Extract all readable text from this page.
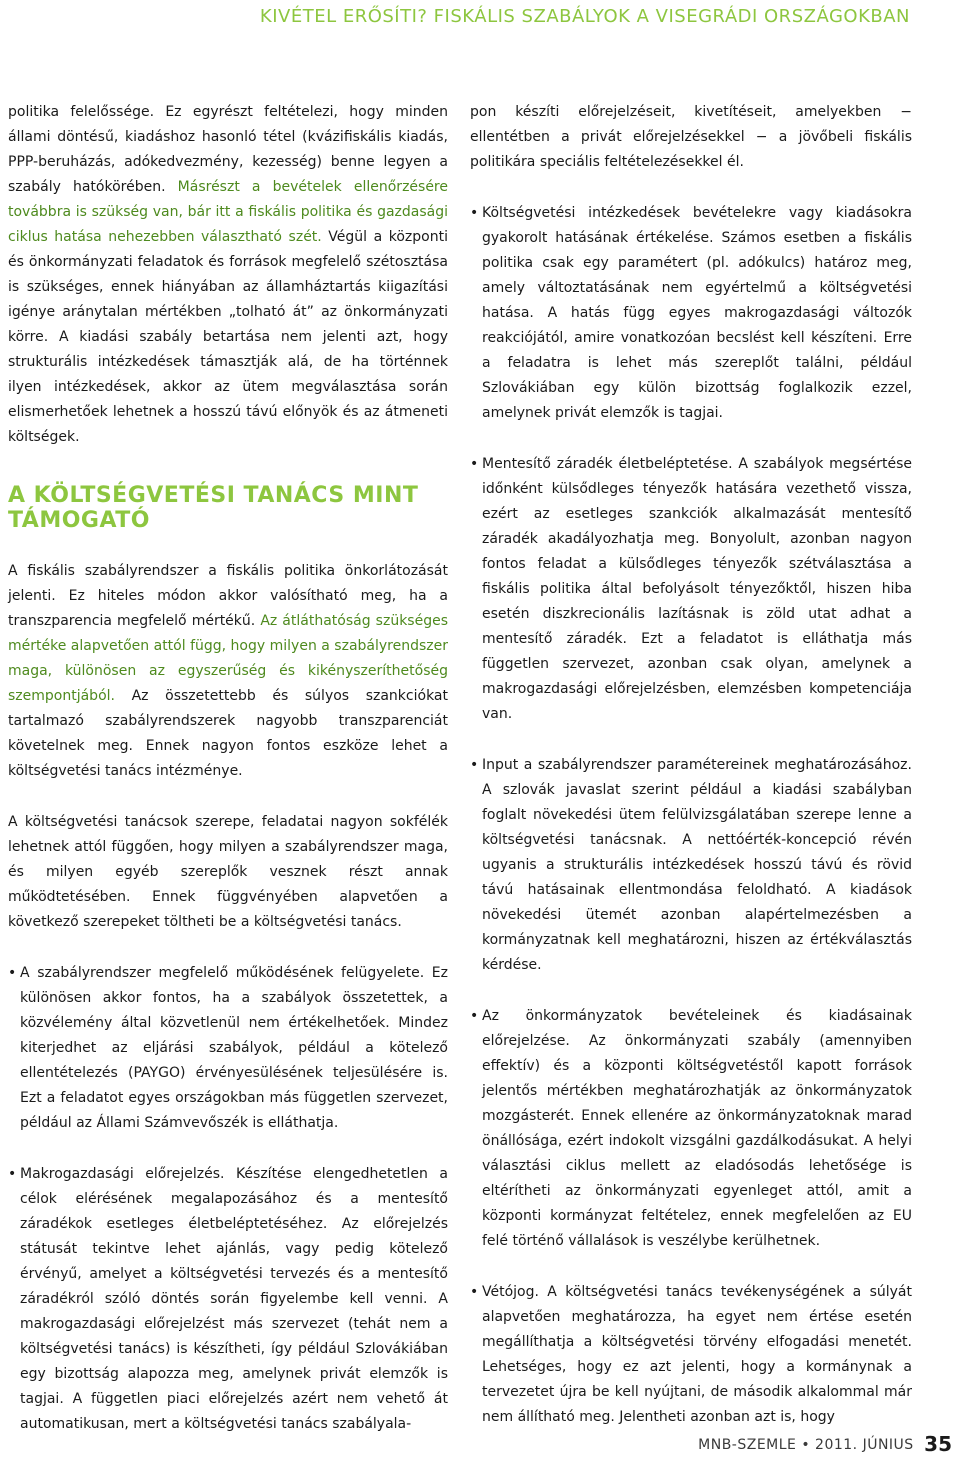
KIVÉTEL ERŐSÍTI? FISKÁLIS SZABÁLYOK A VISEGRÁDI ORSZÁGOKBAN

politika felelőssége. Ez egyrészt feltételezi, hogy minden állami döntésű, kiadáshoz hasonló tétel (kvázifiskális kiadás, PPP-beruházás, adókedvezmény, kezesség) benne legyen a szabály hatókörében. Másrészt a bevételek ellenőrzésére továbbra is szükség van, bár itt a fiskális politika és gazdasági ciklus hatása nehezebben választható szét. Végül a központi és önkormányzati feladatok és források megfelelő szétosztása is szükséges, ennek hiányában az államháztartás kiigazítási igénye aránytalan mértékben „tolható át” az önkormányzati körre. A kiadási szabály betartása nem jelenti azt, hogy strukturális intézkedések támasztják alá, de ha történnek ilyen intézkedések, akkor az ütem megválasztása során elismerhetőek lehetnek a hosszú távú előnyök és az átmeneti költségek.

A KÖLTSÉGVETÉSI TANÁCS MINT TÁMOGATÓ

A fiskális szabályrendszer a fiskális politika önkorlátozását jelenti. Ez hiteles módon akkor valósítható meg, ha a transzparencia megfelelő mértékű. Az átláthatóság szükséges mértéke alapvetően attól függ, hogy milyen a szabályrendszer maga, különösen az egyszerűség és kikényszeríthetőség szempontjából. Az összetettebb és súlyos szankciókat tartalmazó szabályrendszerek nagyobb transzparenciát követelnek meg. Ennek nagyon fontos eszköze lehet a költségvetési tanács intézménye.

A költségvetési tanácsok szerepe, feladatai nagyon sokfélék lehetnek attól függően, hogy milyen a szabályrendszer maga, és milyen egyéb szereplők vesznek részt annak működtetésében. Ennek függvényében alapvetően a következő szerepeket töltheti be a költségvetési tanács.

• A szabályrendszer megfelelő működésének felügyelete. Ez különösen akkor fontos, ha a szabályok összetettek, a közvélemény által közvetlenül nem értékelhetőek. Mindez kiterjedhet az eljárási szabályok, például a kötelező ellentételezés (PAYGO) érvényesülésének teljesülésére is. Ezt a feladatot egyes országokban más független szervezet, például az Állami Számvevőszék is elláthatja.
• Makrogazdasági előrejelzés. Készítése elengedhetetlen a célok elérésének megalapozásához és a mentesítő záradékok esetleges életbeléptetéséhez. Az előrejelzés státusát tekintve lehet ajánlás, vagy pedig kötelező érvényű, amelyet a költségvetési tervezés és a mentesítő záradékról szóló döntés során figyelembe kell venni. A makrogazdasági előrejelzést más szervezet (tehát nem a költségvetési tanács) is készítheti, így például Szlovákiában egy bizottság alapozza meg, amelynek privát elemzők is tagjai. A független piaci előrejelzés azért nem vehető át automatikusan, mert a költségvetési tanács szabályala-

pon készíti előrejelzéseit, kivetítéseit, amelyekben − ellentétben a privát előrejelzésekkel − a jövőbeli fiskális politikára speciális feltételezésekkel él.

• Költségvetési intézkedések bevételekre vagy kiadásokra gyakorolt hatásának értékelése. Számos esetben a fiskális politika csak egy paramétert (pl. adókulcs) határoz meg, amely változtatásának nem egyértelmű a költségvetési hatása. A hatás függ egyes makrogazdasági változók reakciójától, amire vonatkozóan becslést kell készíteni. Erre a feladatra is lehet más szereplőt találni, például Szlovákiában egy külön bizottság foglalkozik ezzel, amelynek privát elemzők is tagjai.
• Mentesítő záradék életbeléptetése. A szabályok megsértése időnként külsődleges tényezők hatására vezethető vissza, ezért az esetleges szankciók alkalmazását mentesítő záradék akadályozhatja meg. Bonyolult, azonban nagyon fontos feladat a külsődleges tényezők szétválasztása a fiskális politika által befolyásolt tényezőktől, hiszen hiba esetén diszkrecionális lazításnak is zöld utat adhat a mentesítő záradék. Ezt a feladatot is elláthatja más független szervezet, azonban csak olyan, amelynek a makrogazdasági előrejelzésben, elemzésben kompetenciája van.
• Input a szabályrendszer paramétereinek meghatározásához. A szlovák javaslat szerint például a kiadási szabályban foglalt növekedési ütem felülvizsgálatában szerepe lenne a költségvetési tanácsnak. A nettóérték-koncepció révén ugyanis a strukturális intézkedések hosszú távú és rövid távú hatásainak ellentmondása feloldható. A kiadások növekedési ütemét azonban alapértelmezésben a kormányzatnak kell meghatározni, hiszen az értékválasztás kérdése.
• Az önkormányzatok bevételeinek és kiadásainak előrejelzése. Az önkormányzati szabály (amennyiben effektív) és a központi költségvetéstől kapott források jelentős mértékben meghatározhatják az önkormányzatok mozgásterét. Ennek ellenére az önkormányzatoknak marad önállósága, ezért indokolt vizsgálni gazdálkodásukat. A helyi választási ciklus mellett az eladósodás lehetősége is eltérítheti az önkormányzati egyenleget attól, amit a központi kormányzat feltételez, ennek megfelelően az EU felé történő vállalások is veszélybe kerülhetnek.
• Vétójog. A költségvetési tanács tevékenységének a súlyát alapvetően meghatározza, ha egyet nem értése esetén megállíthatja a költségvetési törvény elfogadási menetét. Lehetséges, hogy ez azt jelenti, hogy a kormánynak a tervezetet újra be kell nyújtani, de második alkalommal már nem állítható meg. Jelentheti azonban azt is, hogy
MNB-SZEMLE • 2011. JÚNIUS 35
